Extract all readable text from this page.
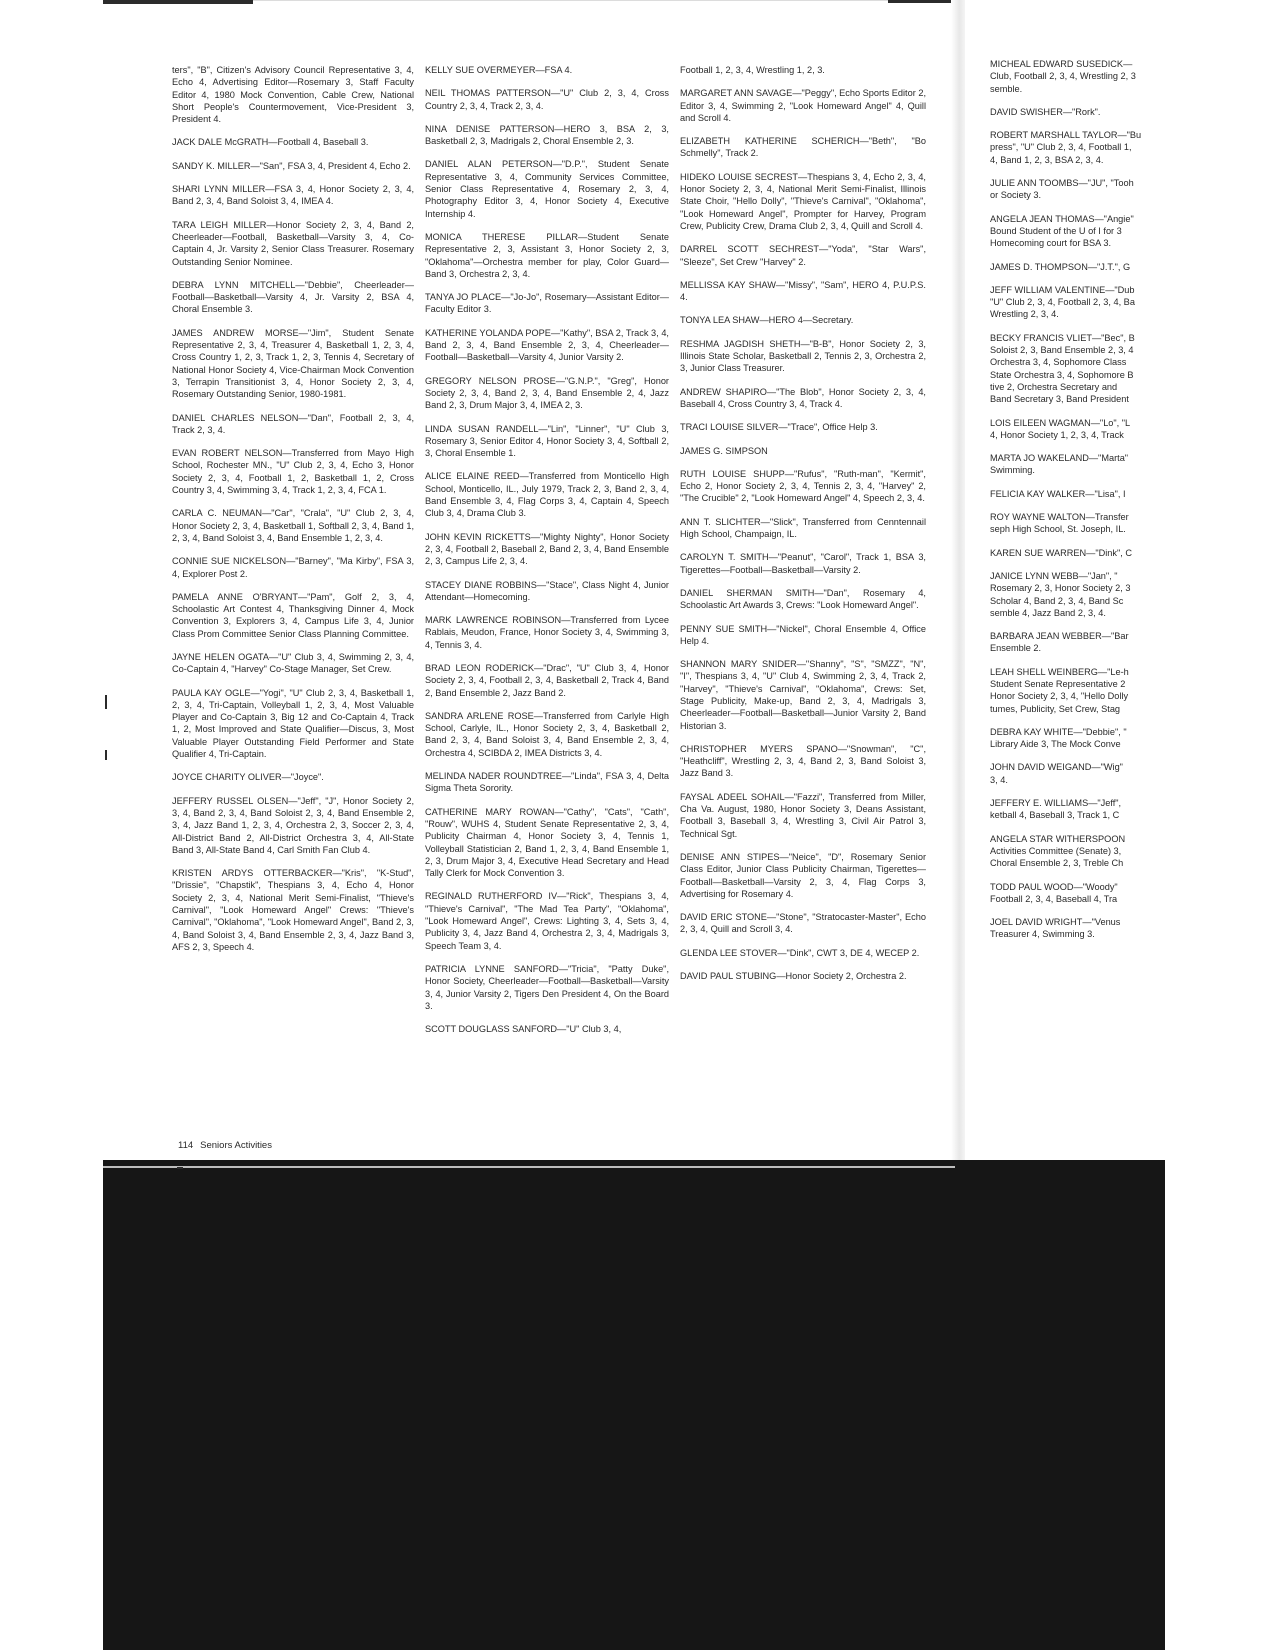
ters", "B", Citizen's Advisory Council Representative 3, 4, Echo 4, Advertising Editor—Rosemary 3, Staff Faculty Editor 4, 1980 Mock Convention, Cable Crew, National Short People's Countermovement, Vice-President 3, President 4.

JACK DALE McGRATH—Football 4, Baseball 3.

SANDY K. MILLER—"San", FSA 3, 4, President 4, Echo 2.

SHARI LYNN MILLER—FSA 3, 4, Honor Society 2, 3, 4, Band 2, 3, 4, Band Soloist 3, 4, IMEA 4.

TARA LEIGH MILLER—Honor Society 2, 3, 4, Band 2, Cheerleader—Football, Basketball—Varsity 3, 4, Co-Captain 4, Jr. Varsity 2, Senior Class Treasurer. Rosemary Outstanding Senior Nominee.

DEBRA LYNN MITCHELL—"Debbie", Cheerleader—Football—Basketball—Varsity 4, Jr. Varsity 2, BSA 4, Choral Ensemble 3.

JAMES ANDREW MORSE—"Jim", Student Senate Representative 2, 3, 4, Treasurer 4, Basketball 1, 2, 3, 4, Cross Country 1, 2, 3, Track 1, 2, 3, Tennis 4, Secretary of National Honor Society 4, Vice-Chairman Mock Convention 3, Terrapin Transitionist 3, 4, Honor Society 2, 3, 4, Rosemary Outstanding Senior, 1980-1981.

DANIEL CHARLES NELSON—"Dan", Football 2, 3, 4, Track 2, 3, 4.

EVAN ROBERT NELSON—Transferred from Mayo High School, Rochester MN., "U" Club 2, 3, 4, Echo 3, Honor Society 2, 3, 4, Football 1, 2, Basketball 1, 2, Cross Country 3, 4, Swimming 3, 4, Track 1, 2, 3, 4, FCA 1.

CARLA C. NEUMAN—"Car", "Crala", "U" Club 2, 3, 4, Honor Society 2, 3, 4, Basketball 1, Softball 2, 3, 4, Band 1, 2, 3, 4, Band Soloist 3, 4, Band Ensemble 1, 2, 3, 4.

CONNIE SUE NICKELSON—"Barney", "Ma Kirby", FSA 3, 4, Explorer Post 2.

PAMELA ANNE O'BRYANT—"Pam", Golf 2, 3, 4, Schoolastic Art Contest 4, Thanksgiving Dinner 4, Mock Convention 3, Explorers 3, 4, Campus Life 3, 4, Junior Class Prom Committee Senior Class Planning Committee.

JAYNE HELEN OGATA—"U" Club 3, 4, Swimming 2, 3, 4, Co-Captain 4, "Harvey" Co-Stage Manager, Set Crew.

PAULA KAY OGLE—"Yogi", "U" Club 2, 3, 4, Basketball 1, 2, 3, 4, Tri-Captain, Volleyball 1, 2, 3, 4, Most Valuable Player and Co-Captain 3, Big 12 and Co-Captain 4, Track 1, 2, Most Improved and State Qualifier—Discus, 3, Most Valuable Player Outstanding Field Performer and State Qualifier 4, Tri-Captain.

JOYCE CHARITY OLIVER—"Joyce".

JEFFERY RUSSEL OLSEN—"Jeff", "J", Honor Society 2, 3, 4, Band 2, 3, 4, Band Soloist 2, 3, 4, Band Ensemble 2, 3, 4, Jazz Band 1, 2, 3, 4, Orchestra 2, 3, Soccer 2, 3, 4, All-District Band 2, All-District Orchestra 3, 4, All-State Band 3, All-State Band 4, Carl Smith Fan Club 4.

KRISTEN ARDYS OTTERBACKER—"Kris", "K-Stud", "Drissie", "Chapstik", Thespians 3, 4, Echo 4, Honor Society 2, 3, 4, National Merit Semi-Finalist, "Thieve's Carnival", "Look Homeward Angel" Crews: "Thieve's Carnival", "Oklahoma", "Look Homeward Angel", Band 2, 3, 4, Band Soloist 3, 4, Band Ensemble 2, 3, 4, Jazz Band 3, AFS 2, 3, Speech 4.

KELLY SUE OVERMEYER—FSA 4.

NEIL THOMAS PATTERSON—"U" Club 2, 3, 4, Cross Country 2, 3, 4, Track 2, 3, 4.

NINA DENISE PATTERSON—HERO 3, BSA 2, 3, Basketball 2, 3, Madrigals 2, Choral Ensemble 2, 3.

DANIEL ALAN PETERSON—"D.P.", Student Senate Representative 3, 4, Community Services Committee, Senior Class Representative 4, Rosemary 2, 3, 4, Photography Editor 3, 4, Honor Society 4, Executive Internship 4.

MONICA THERESE PILLAR—Student Senate Representative 2, 3, Assistant 3, Honor Society 2, 3, "Oklahoma"—Orchestra member for play, Color Guard—Band 3, Orchestra 2, 3, 4.

TANYA JO PLACE—"Jo-Jo", Rosemary—Assistant Editor—Faculty Editor 3.

KATHERINE YOLANDA POPE—"Kathy", BSA 2, Track 3, 4, Band 2, 3, 4, Band Ensemble 2, 3, 4, Cheerleader—Football—Basketball—Varsity 4, Junior Varsity 2.

GREGORY NELSON PROSE—"G.N.P.", "Greg", Honor Society 2, 3, 4, Band 2, 3, 4, Band Ensemble 2, 4, Jazz Band 2, 3, Drum Major 3, 4, IMEA 2, 3.

LINDA SUSAN RANDELL—"Lin", "Linner", "U" Club 3, Rosemary 3, Senior Editor 4, Honor Society 3, 4, Softball 2, 3, Choral Ensemble 1.

ALICE ELAINE REED—Transferred from Monticello High School, Monticello, IL., July 1979, Track 2, 3, Band 2, 3, 4, Band Ensemble 3, 4, Flag Corps 3, 4, Captain 4, Speech Club 3, 4, Drama Club 3.

JOHN KEVIN RICKETTS—"Mighty Nighty", Honor Society 2, 3, 4, Football 2, Baseball 2, Band 2, 3, 4, Band Ensemble 2, 3, Campus Life 2, 3, 4.

STACEY DIANE ROBBINS—"Stace", Class Night 4, Junior Attendant—Homecoming.

MARK LAWRENCE ROBINSON—Transferred from Lycee Rablais, Meudon, France, Honor Society 3, 4, Swimming 3, 4, Tennis 3, 4.

BRAD LEON RODERICK—"Drac", "U" Club 3, 4, Honor Society 2, 3, 4, Football 2, 3, 4, Basketball 2, Track 4, Band 2, Band Ensemble 2, Jazz Band 2.

SANDRA ARLENE ROSE—Transferred from Carlyle High School, Carlyle, IL., Honor Society 2, 3, 4, Basketball 2, Band 2, 3, 4, Band Soloist 3, 4, Band Ensemble 2, 3, 4, Orchestra 4, SCIBDA 2, IMEA Districts 3, 4.

MELINDA NADER ROUNDTREE—"Linda", FSA 3, 4, Delta Sigma Theta Sorority.

CATHERINE MARY ROWAN—"Cathy", "Cats", "Cath", "Rouw", WUHS 4, Student Senate Representative 2, 3, 4, Publicity Chairman 4, Honor Society 3, 4, Tennis 1, Volleyball Statistician 2, Band 1, 2, 3, 4, Band Ensemble 1, 2, 3, Drum Major 3, 4, Executive Head Secretary and Head Tally Clerk for Mock Convention 3.

REGINALD RUTHERFORD IV—"Rick", Thespians 3, 4, "Thieve's Carnival", "The Mad Tea Party", "Oklahoma", "Look Homeward Angel", Crews: Lighting 3, 4, Sets 3, 4, Publicity 3, 4, Jazz Band 4, Orchestra 2, 3, 4, Madrigals 3, Speech Team 3, 4.

PATRICIA LYNNE SANFORD—"Tricia", "Patty Duke", Honor Society, Cheerleader—Football—Basketball—Varsity 3, 4, Junior Varsity 2, Tigers Den President 4, On the Board 3.

SCOTT DOUGLASS SANFORD—"U" Club 3, 4,

Football 1, 2, 3, 4, Wrestling 1, 2, 3.

MARGARET ANN SAVAGE—"Peggy", Echo Sports Editor 2, Editor 3, 4, Swimming 2, "Look Homeward Angel" 4, Quill and Scroll 4.

ELIZABETH KATHERINE SCHERICH—"Beth", "Bo Schmelly", Track 2.

HIDEKO LOUISE SECREST—Thespians 3, 4, Echo 2, 3, 4, Honor Society 2, 3, 4, National Merit Semi-Finalist, Illinois State Choir, "Hello Dolly", "Thieve's Carnival", "Oklahoma", "Look Homeward Angel", Prompter for Harvey, Program Crew, Publicity Crew, Drama Club 2, 3, 4, Quill and Scroll 4.

DARREL SCOTT SECHREST—"Yoda", "Star Wars", "Sleeze", Set Crew "Harvey" 2.

MELLISSA KAY SHAW—"Missy", "Sam", HERO 4, P.U.P.S. 4.

TONYA LEA SHAW—HERO 4—Secretary.

RESHMA JAGDISH SHETH—"B-B", Honor Society 2, 3, Illinois State Scholar, Basketball 2, Tennis 2, 3, Orchestra 2, 3, Junior Class Treasurer.

ANDREW SHAPIRO—"The Blob", Honor Society 2, 3, 4, Baseball 4, Cross Country 3, 4, Track 4.

TRACI LOUISE SILVER—"Trace", Office Help 3.

JAMES G. SIMPSON

RUTH LOUISE SHUPP—"Rufus", "Ruth-man", "Kermit", Echo 2, Honor Society 2, 3, 4, Tennis 2, 3, 4, "Harvey" 2, "The Crucible" 2, "Look Homeward Angel" 4, Speech 2, 3, 4.

ANN T. SLICHTER—"Slick", Transferred from Cenntennail High School, Champaign, IL.

CAROLYN T. SMITH—"Peanut", "Carol", Track 1, BSA 3, Tigerettes—Football—Basketball—Varsity 2.

DANIEL SHERMAN SMITH—"Dan", Rosemary 4, Schoolastic Art Awards 3, Crews: "Look Homeward Angel".

PENNY SUE SMITH—"Nickel", Choral Ensemble 4, Office Help 4.

SHANNON MARY SNIDER—"Shanny", "S", "SMZZ", "N", "I", Thespians 3, 4, "U" Club 4, Swimming 2, 3, 4, Track 2, "Harvey", "Thieve's Carnival", "Oklahoma", Crews: Set, Stage Publicity, Make-up, Band 2, 3, 4, Madrigals 3, Cheerleader—Football—Basketball—Junior Varsity 2, Band Historian 3.

CHRISTOPHER MYERS SPANO—"Snowman", "C", "Heathcliff", Wrestling 2, 3, 4, Band 2, 3, Band Soloist 3, Jazz Band 3.

FAYSAL ADEEL SOHAIL—"Fazzi", Transferred from Miller, Cha Va. August, 1980, Honor Society 3, Deans Assistant, Football 3, Baseball 3, 4, Wrestling 3, Civil Air Patrol 3, Technical Sgt.

DENISE ANN STIPES—"Neice", "D", Rosemary Senior Class Editor, Junior Class Publicity Chairman, Tigerettes—Football—Basketball—Varsity 2, 3, 4, Flag Corps 3, Advertising for Rosemary 4.

DAVID ERIC STONE—"Stone", "Stratocaster-Master", Echo 2, 3, 4, Quill and Scroll 3, 4.

GLENDA LEE STOVER—"Dink", CWT 3, DE 4, WECEP 2.

DAVID PAUL STUBING—Honor Society 2, Orchestra 2.

MICHEAL EDWARD SUSEDICK—
Club, Football 2, 3, 4, Wrestling 2, 3
semble.

DAVID SWISHER—"Rork".

ROBERT MARSHALL TAYLOR—"Bu
press", "U" Club 2, 3, 4, Football 1,
4, Band 1, 2, 3, BSA 2, 3, 4.

JULIE ANN TOOMBS—"JU", "Tooh
or Society 3.

ANGELA JEAN THOMAS—"Angie"
Bound Student of the U of I for 3
Homecoming court for BSA 3.

JAMES D. THOMPSON—"J.T.", G

JEFF WILLIAM VALENTINE—"Dub
"U" Club 2, 3, 4, Football 2, 3, 4, Ba
Wrestling 2, 3, 4.

BECKY FRANCIS VLIET—"Bec", B
Soloist 2, 3, Band Ensemble 2, 3, 4
Orchestra 3, 4, Sophomore Class
State Orchestra 3, 4, Sophomore B
tive 2, Orchestra Secretary and
Band Secretary 3, Band President

LOIS EILEEN WAGMAN—"Lo", "L
4, Honor Society 1, 2, 3, 4, Track

MARTA JO WAKELAND—"Marta"
Swimming.

FELICIA KAY WALKER—"Lisa", I

ROY WAYNE WALTON—Transfer
seph High School, St. Joseph, IL.

KAREN SUE WARREN—"Dink", C

JANICE LYNN WEBB—"Jan", "
Rosemary 2, 3, Honor Society 2, 3
Scholar 4, Band 2, 3, 4, Band Sc
semble 4, Jazz Band 2, 3, 4.

BARBARA JEAN WEBBER—"Bar
Ensemble 2.

LEAH SHELL WEINBERG—"Le-h
Student Senate Representative 2
Honor Society 2, 3, 4, "Hello Dolly
tumes, Publicity, Set Crew, Stag

DEBRA KAY WHITE—"Debbie", "
Library Aide 3, The Mock Conve

JOHN DAVID WEIGAND—"Wig"
3, 4.

JEFFERY E. WILLIAMS—"Jeff",
ketball 4, Baseball 3, Track 1, C

ANGELA STAR WITHERSPOON
Activities Committee (Senate) 3,
Choral Ensemble 2, 3, Treble Ch

TODD PAUL WOOD—"Woody"
Football 2, 3, 4, Baseball 4, Tra

JOEL DAVID WRIGHT—"Venus
Treasurer 4, Swimming 3.

114 Seniors Activities
